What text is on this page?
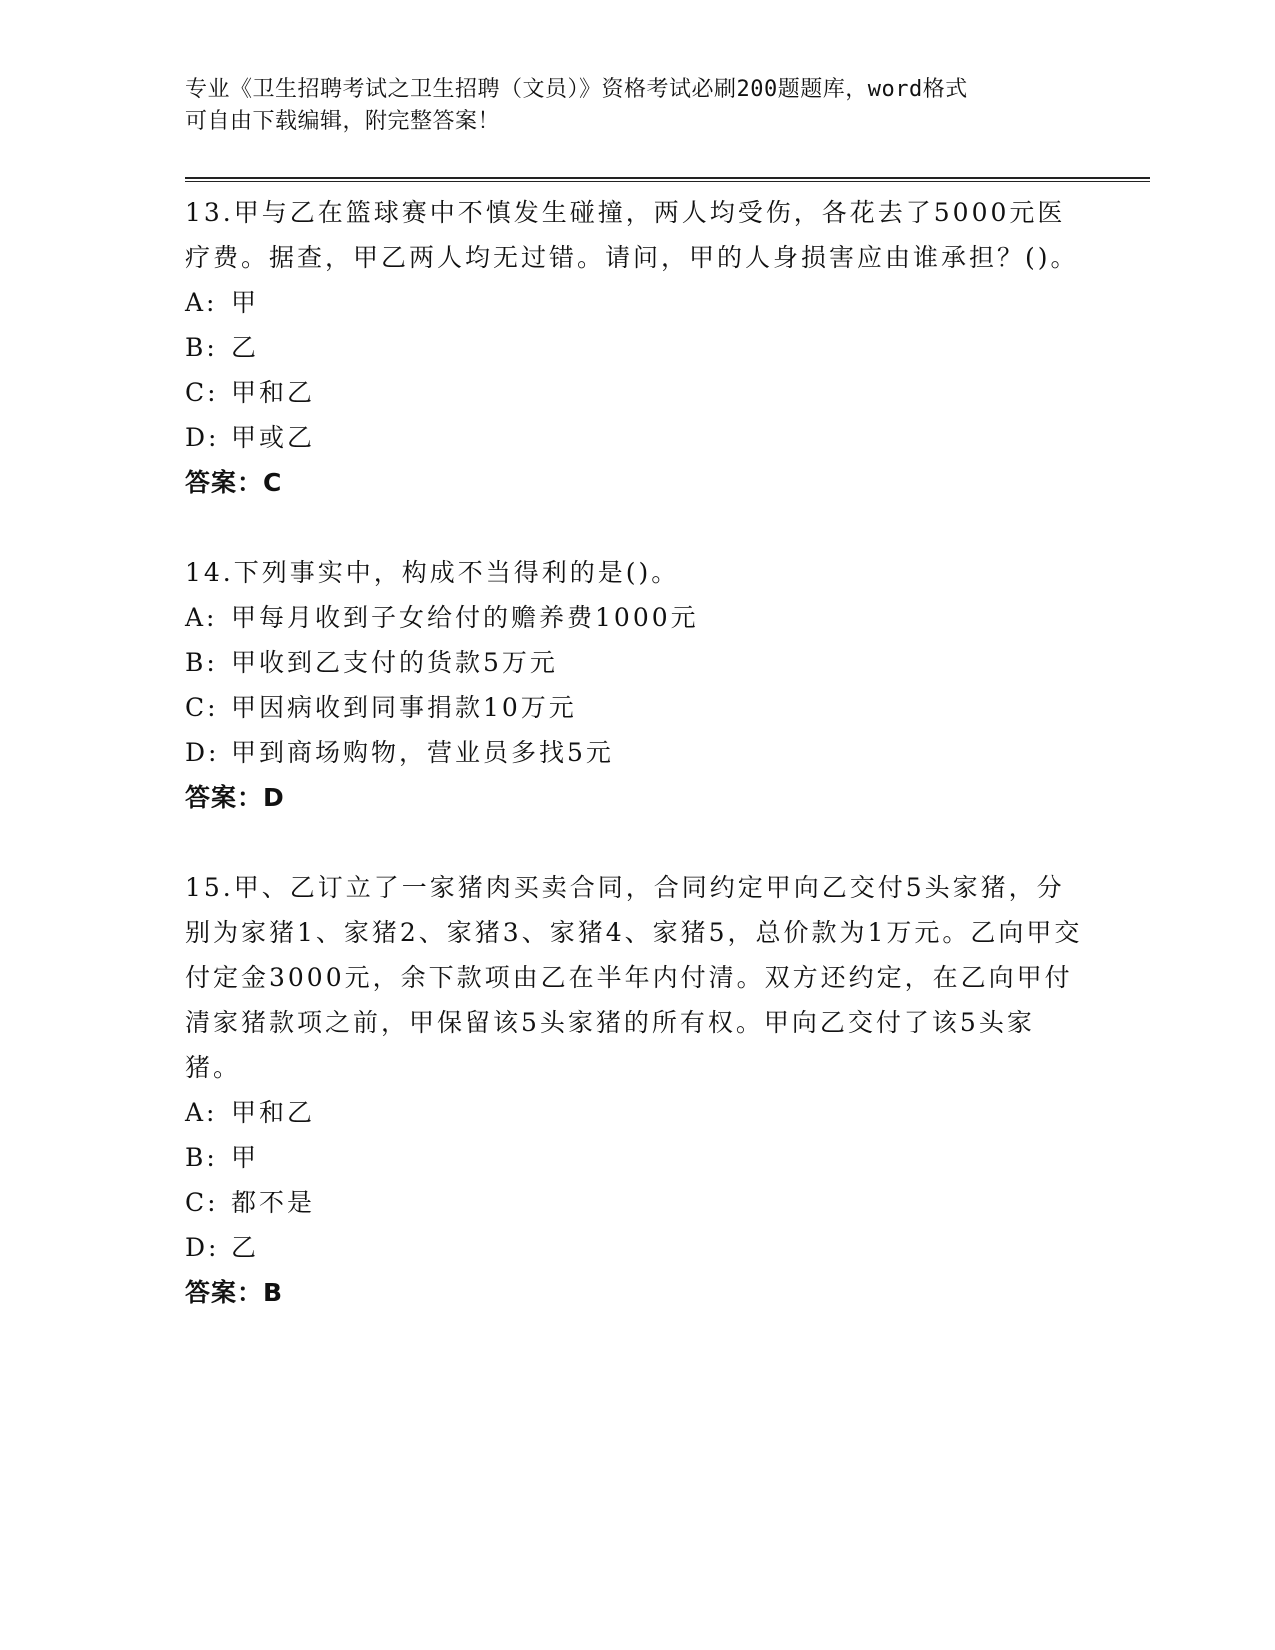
专业《卫生招聘考试之卫生招聘（文员）》资格考试必刷200题题库，word格式
可自由下载编辑，附完整答案！

13.甲与乙在篮球赛中不慎发生碰撞，两人均受伤，各花去了5000元医疗费。据查，甲乙两人均无过错。请问，甲的人身损害应由谁承担？()。

A: 甲

B: 乙

C: 甲和乙

D: 甲或乙

答案：C

14.下列事实中，构成不当得利的是()。

A: 甲每月收到子女给付的赡养费1000元

B: 甲收到乙支付的货款5万元

C: 甲因病收到同事捐款10万元

D: 甲到商场购物，营业员多找5元

答案：D

15.甲、乙订立了一家猪肉买卖合同，合同约定甲向乙交付5头家猪，分别为家猪1、家猪2、家猪3、家猪4、家猪5，总价款为1万元。乙向甲交付定金3000元，余下款项由乙在半年内付清。双方还约定，在乙向甲付清家猪款项之前，甲保留该5头家猪的所有权。甲向乙交付了该5头家猪。

A: 甲和乙

B: 甲

C: 都不是

D: 乙

答案：B
